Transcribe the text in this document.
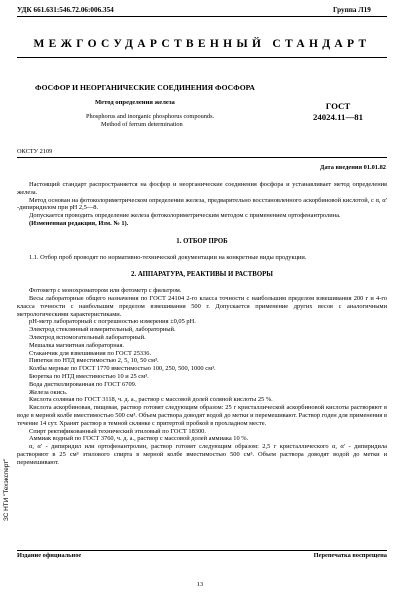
УДК 661.631:546.72.06:006.354	Группа Л19
МЕЖГОСУДАРСТВЕННЫЙ СТАНДАРТ
ФОСФОР И НЕОРГАНИЧЕСКИЕ СОЕДИНЕНИЯ ФОСФОРА
Метод определения железа
Phosphorus and inorganic phosphorus compounds.
Method of ferrum determination
ГОСТ
24024.11—81
ОКСТУ 2109
Дата введения 01.01.82

Настоящий стандарт распространяется на фосфор и неорганические соединения фосфора и устанавливает метод определения железа.

Метод основан на фотоколориметрическом определении железа, предварительно восстановленного аскорбиновой кислотой, с α, α′ -дипиридилом при pH 2,5—8.

Допускается проводить определение железа фотоколориметрическим методом с применением ортофенантролина.

(Измененная редакция, Изм. № 1).

1. ОТБОР ПРОБ

1.1. Отбор проб проводят по нормативно-технической документации на конкретные виды продукции.

2. АППАРАТУРА, РЕАКТИВЫ И РАСТВОРЫ

Фотометр с монохроматором или фотометр с фильтром.

Весы лабораторные общего назначения по ГОСТ 24104 2-го класса точности с наибольшим пределом взвешивания 200 г и 4-го класса точности с наибольшим пределом взвешивания 500 г. Допускается применение других весов с аналогичными метрологическими характеристиками.

pH-метр лабораторный с погрешностью измерения ±0,05 pH.

Электрод стеклянный измерительный, лабораторный.

Электрод вспомогательный лабораторный.

Мешалка магнитная лабораторная.

Стаканчик для взвешивания по ГОСТ 25336.

Пипетки по НТД вместимостью 2, 5, 10, 50 см³.

Колбы мерные по ГОСТ 1770 вместимостью 100, 250, 500, 1000 см³.

Бюретка по НТД вместимостью 10 и 25 см³.

Вода дистиллированная по ГОСТ 6709.

Железа окись.

Кислота соляная по ГОСТ 3118, ч. д. а., раствор с массовой долей соляной кислоты 25 %.

Кислота аскорбиновая, пищевая, раствор готовят следующим образом: 25 г кристаллической аскорбиновой кислоты растворяют в воде в мерной колбе вместимостью 500 см³. Объем раствора доводят водой до метки и перемешивают. Раствор годен для применения в течение 14 сут. Хранят раствор в темной склянке с притертой пробкой в прохладном месте.

Спирт ректификованный технический этиловый по ГОСТ 18300.

Аммиак водный по ГОСТ 3760, ч. д. а., раствор с массовой долей аммиака 10 %.

α, α′ - дипиридил или ортофенантролин, раствор готовят следующим образом: 2,5 г кристаллического α, α′ - дипиридила растворяют в 25 см³ этилового спирта в мерной колбе вместимостью 500 см³. Объем раствора доводят водой до метки и перемешивают.

ЗС НТИ "Техэксперт"
Издание официальное	Перепечатка воспрещена
13
